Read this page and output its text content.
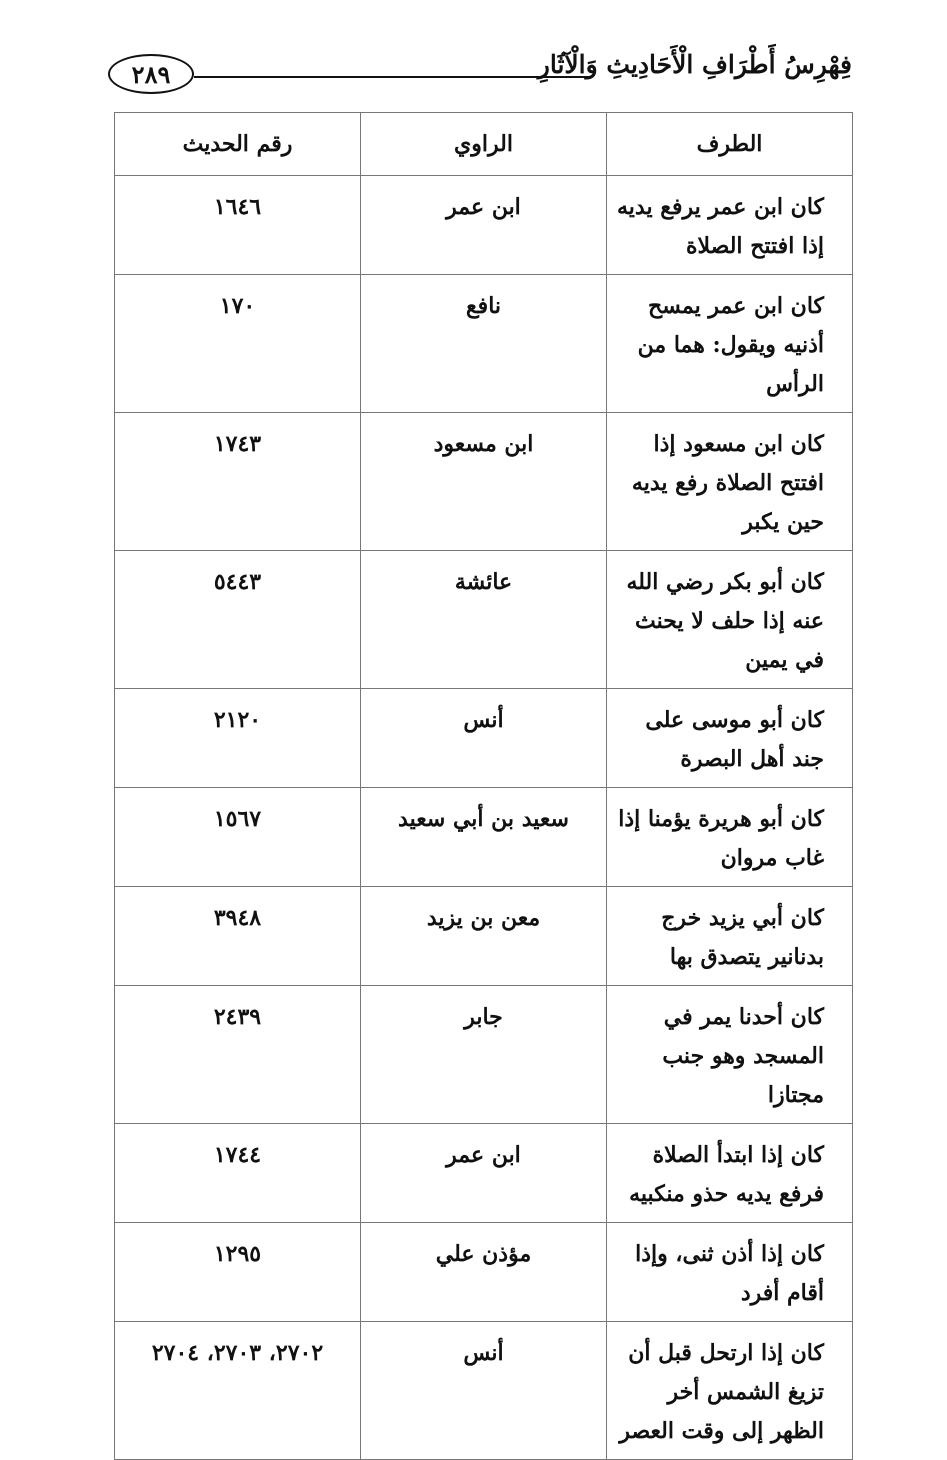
٢٨٩	فِهْرِسُ أَطْرَافِ الْأَحَادِيثِ وَالْآثَارِ
الطرف	الراوي	رقم الحديث
كان ابن عمر يرفع يديه إذا افتتح الصلاة	ابن عمر	١٦٤٦
كان ابن عمر يمسح أذنيه ويقول: هما من الرأس	نافع	١٧٠
كان ابن مسعود إذا افتتح الصلاة رفع يديه حين يكبر	ابن مسعود	١٧٤٣
كان أبو بكر رضي الله عنه إذا حلف لا يحنث في يمين	عائشة	٥٤٤٣
كان أبو موسى على جند أهل البصرة	أنس	٢١٢٠
كان أبو هريرة يؤمنا إذا غاب مروان	سعيد بن أبي سعيد	١٥٦٧
كان أبي يزيد خرج بدنانير يتصدق بها	معن بن يزيد	٣٩٤٨
كان أحدنا يمر في المسجد وهو جنب مجتازا	جابر	٢٤٣٩
كان إذا ابتدأ الصلاة فرفع يديه حذو منكبيه	ابن عمر	١٧٤٤
كان إذا أذن ثنى، وإذا أقام أفرد	مؤذن علي	١٢٩٥
كان إذا ارتحل قبل أن تزيغ الشمس أخر الظهر إلى وقت العصر	أنس	٢٧٠٢، ٢٧٠٣، ٢٧٠٤
